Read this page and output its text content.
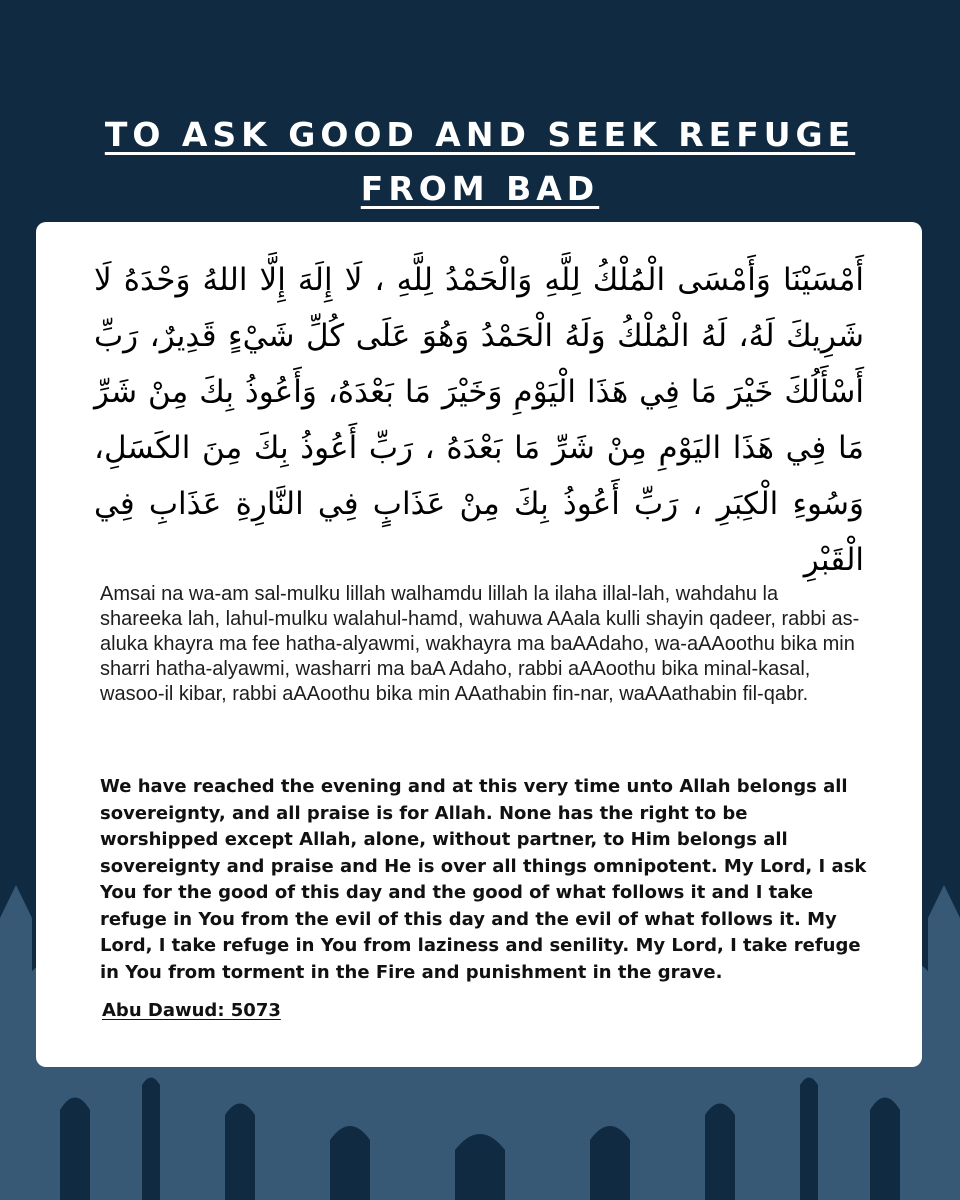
TO ASK GOOD AND SEEK REFUGE
FROM BAD
أَمْسَيْنَا وَأَمْسَى الْمُلْكُ لِلَّهِ وَالْحَمْدُ لِلَّهِ ، لَا إِلَهَ إِلَّا اللهُ وَحْدَهُ لَا شَرِيكَ لَهُ، لَهُ الْمُلْكُ وَلَهُ الْحَمْدُ وَهُوَ عَلَى كُلِّ شَيْءٍ قَدِيرٌ، رَبِّ أَسْأَلُكَ خَيْرَ مَا فِي هَذَا الْيَوْمِ وَخَيْرَ مَا بَعْدَهُ، وَأَعُوذُ بِكَ مِنْ شَرِّ مَا فِي هَذَا اليَوْمِ مِنْ شَرِّ مَا بَعْدَهُ ، رَبِّ أَعُوذُ بِكَ مِنَ الكَسَلِ، وَسُوءِ الْكِبَرِ ، رَبِّ أَعُوذُ بِكَ مِنْ عَذَابٍ فِي النَّارِةِ عَذَابِ فِي الْقَبْرِ
Amsai na wa-am sal-mulku lillah walhamdu lillah la ilaha illal-lah, wahdahu la shareeka lah, lahul-mulku walahul-hamd, wahuwa AAala kulli shayin qadeer, rabbi as-aluka khayra ma fee hatha-alyawmi, wakhayra ma baAAdaho, wa-aAAoothu bika min sharri hatha-alyawmi, washarri ma baA Adaho, rabbi aAAoothu bika minal-kasal, wasoo-il kibar, rabbi aAAoothu bika min AAathabin fin-nar, waAAathabin fil-qabr.
We have reached the evening and at this very time unto Allah belongs all sovereignty, and all praise is for Allah. None has the right to be worshipped except Allah, alone, without partner, to Him belongs all sovereignty and praise and He is over all things omnipotent. My Lord, I ask You for the good of this day and the good of what follows it and I take refuge in You from the evil of this day and the evil of what follows it. My Lord, I take refuge in You from laziness and senility. My Lord, I take refuge in You from torment in the Fire and punishment in the grave.
Abu Dawud: 5073
